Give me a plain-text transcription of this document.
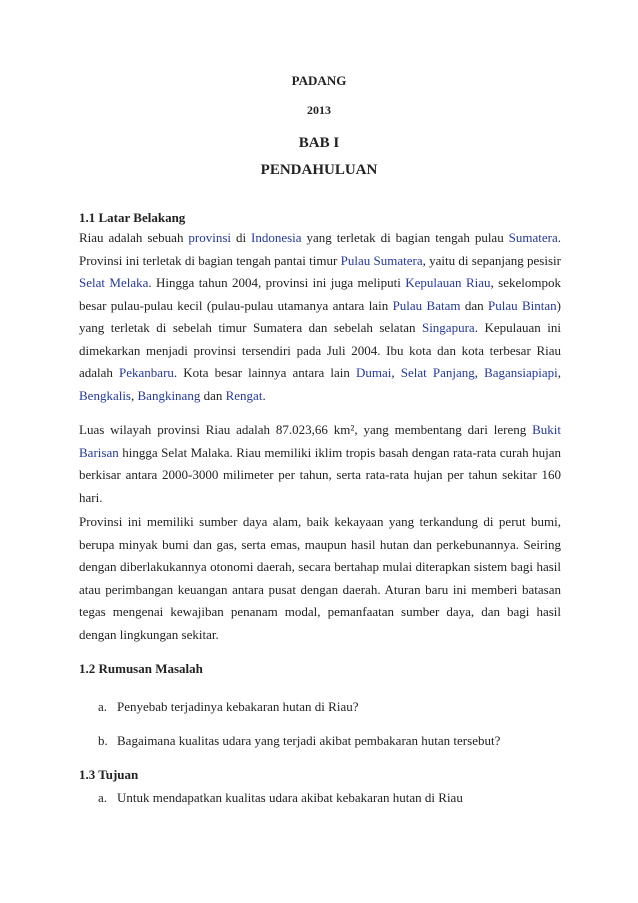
PADANG
2013
BAB I
PENDAHULUAN
1.1 Latar Belakang

Riau adalah sebuah provinsi di Indonesia yang terletak di bagian tengah pulau Sumatera. Provinsi ini terletak di bagian tengah pantai timur Pulau Sumatera, yaitu di sepanjang pesisir Selat Melaka. Hingga tahun 2004, provinsi ini juga meliputi Kepulauan Riau, sekelompok besar pulau-pulau kecil (pulau-pulau utamanya antara lain Pulau Batam dan Pulau Bintan) yang terletak di sebelah timur Sumatera dan sebelah selatan Singapura. Kepulauan ini dimekarkan menjadi provinsi tersendiri pada Juli 2004. Ibu kota dan kota terbesar Riau adalah Pekanbaru. Kota besar lainnya antara lain Dumai, Selat Panjang, Bagansiapiapi, Bengkalis, Bangkinang dan Rengat.

Luas wilayah provinsi Riau adalah 87.023,66 km², yang membentang dari lereng Bukit Barisan hingga Selat Malaka. Riau memiliki iklim tropis basah dengan rata-rata curah hujan berkisar antara 2000-3000 milimeter per tahun, serta rata-rata hujan per tahun sekitar 160 hari.

Provinsi ini memiliki sumber daya alam, baik kekayaan yang terkandung di perut bumi, berupa minyak bumi dan gas, serta emas, maupun hasil hutan dan perkebunannya. Seiring dengan diberlakukannya otonomi daerah, secara bertahap mulai diterapkan sistem bagi hasil atau perimbangan keuangan antara pusat dengan daerah. Aturan baru ini memberi batasan tegas mengenai kewajiban penanam modal, pemanfaatan sumber daya, dan bagi hasil dengan lingkungan sekitar.

1.2 Rumusan Masalah
a. Penyebab terjadinya kebakaran hutan di Riau?
b. Bagaimana kualitas udara yang terjadi akibat pembakaran hutan tersebut?
1.3 Tujuan
a. Untuk mendapatkan kualitas udara akibat kebakaran hutan di Riau
